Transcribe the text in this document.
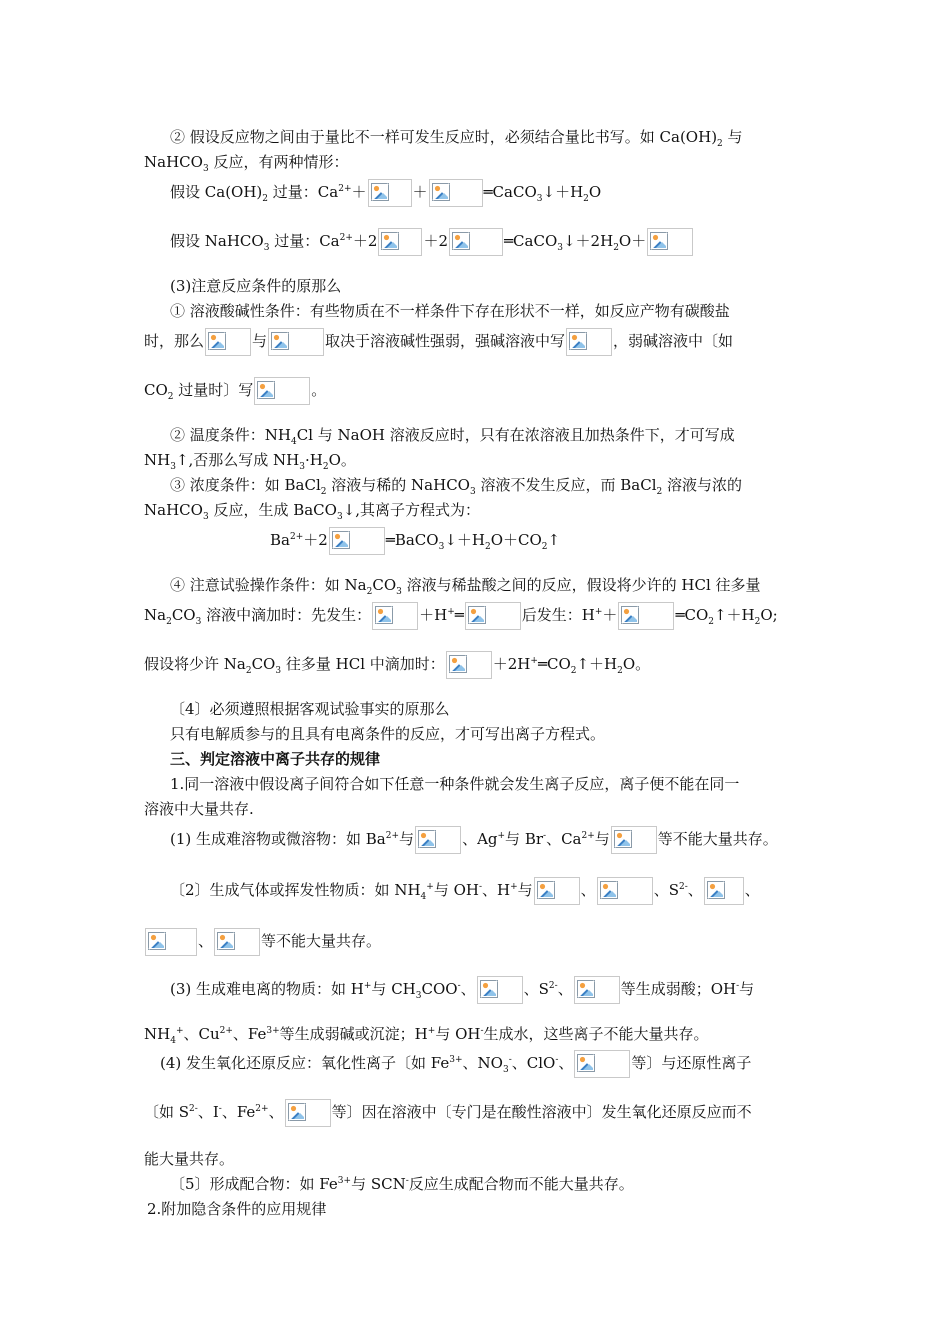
② 假设反应物之间由于量比不一样可发生反应时，必须结合量比书写。如 $Ca(OH)_2$ 与
NaHCO$_3$ 反应，有两种情形：
假设 $Ca(OH)_2$ 过量：$Ca^{2+}+$	＋	$═CaCO_3↓+H_2O$
假设 NaHCO$_3$ 过量：$Ca^{2+}+2$	＋2	$═CaCO_3↓+2H_2O+$
(3)注意反应条件的原那么
① 溶液酸碱性条件：有些物质在不一样条件下存在形状不一样，如反应产物有碳酸盐
时，那么	与	取决于溶液碱性强弱，强碱溶液中写	，弱碱溶液中〔如
$CO_2$ 过量时〕写	。
② 温度条件：$NH_4Cl$ 与 NaOH 溶液反应时，只有在浓溶液且加热条件下，才可写成
$NH_3↑$,否那么写成 $NH_3\cdot H_2O$。
③ 浓度条件：如 BaCl$_2$ 溶液与稀的 NaHCO$_3$ 溶液不发生反应，而 BaCl$_2$ 溶液与浓的
NaHCO$_3$ 反应，生成 BaCO$_3$↓,其离子方程式为：
$Ba^{2+}+2$	$═BaCO_3↓+H_2O+CO_2↑$
④ 注意试验操作条件：如 $Na_2CO_3$ 溶液与稀盐酸之间的反应，假设将少许的 HCl 往多量
$Na_2CO_3$ 溶液中滴加时：先发生：	＋H+═	后发生：H+＋	$═CO_2↑+H_2O$;
假设将少许 $Na_2CO_3$ 往多量 HCl 中滴加时：	$+2H^+═CO_2↑+H_2O$。
〔4〕必须遵照根据客观试验事实的原那么
只有电解质参与的且具有电离条件的反应，才可写出离子方程式。
三、判定溶液中离子共存的规律
1.同一溶液中假设离子间符合如下任意一种条件就会发生离子反应，离子便不能在同一
溶液中大量共存.
(1) 生成难溶物或微溶物：如 $Ba^{2+}$与	、Ag+与 Br-、$Ca^{2+}$与	等不能大量共存。
〔2〕生成气体或挥发性物质：如 $NH_4^+$与 OH-、H+与	、	、$S^{2-}$、	、
、	等不能大量共存。
(3) 生成难电离的物质：如 H+与 $CH_3COO^-$、	、$S^{2-}$、	等生成弱酸；OH-与
$NH_4^+$、$Cu^{2+}$、$Fe^{3+}$等生成弱碱或沉淀；H+与 OH-生成水，这些离子不能大量共存。
(4) 发生氧化还原反应：氧化性离子〔如 $Fe^{3+}$、$NO_3^-$、ClO-、	等〕与还原性离子
〔如 $S^{2-}$、I-、$Fe^{2+}$、	等〕因在溶液中〔专门是在酸性溶液中〕发生氧化还原反应而不
能大量共存。
〔5〕形成配合物：如 $Fe^{3+}$与 SCN-反应生成配合物而不能大量共存。
2.附加隐含条件的应用规律
